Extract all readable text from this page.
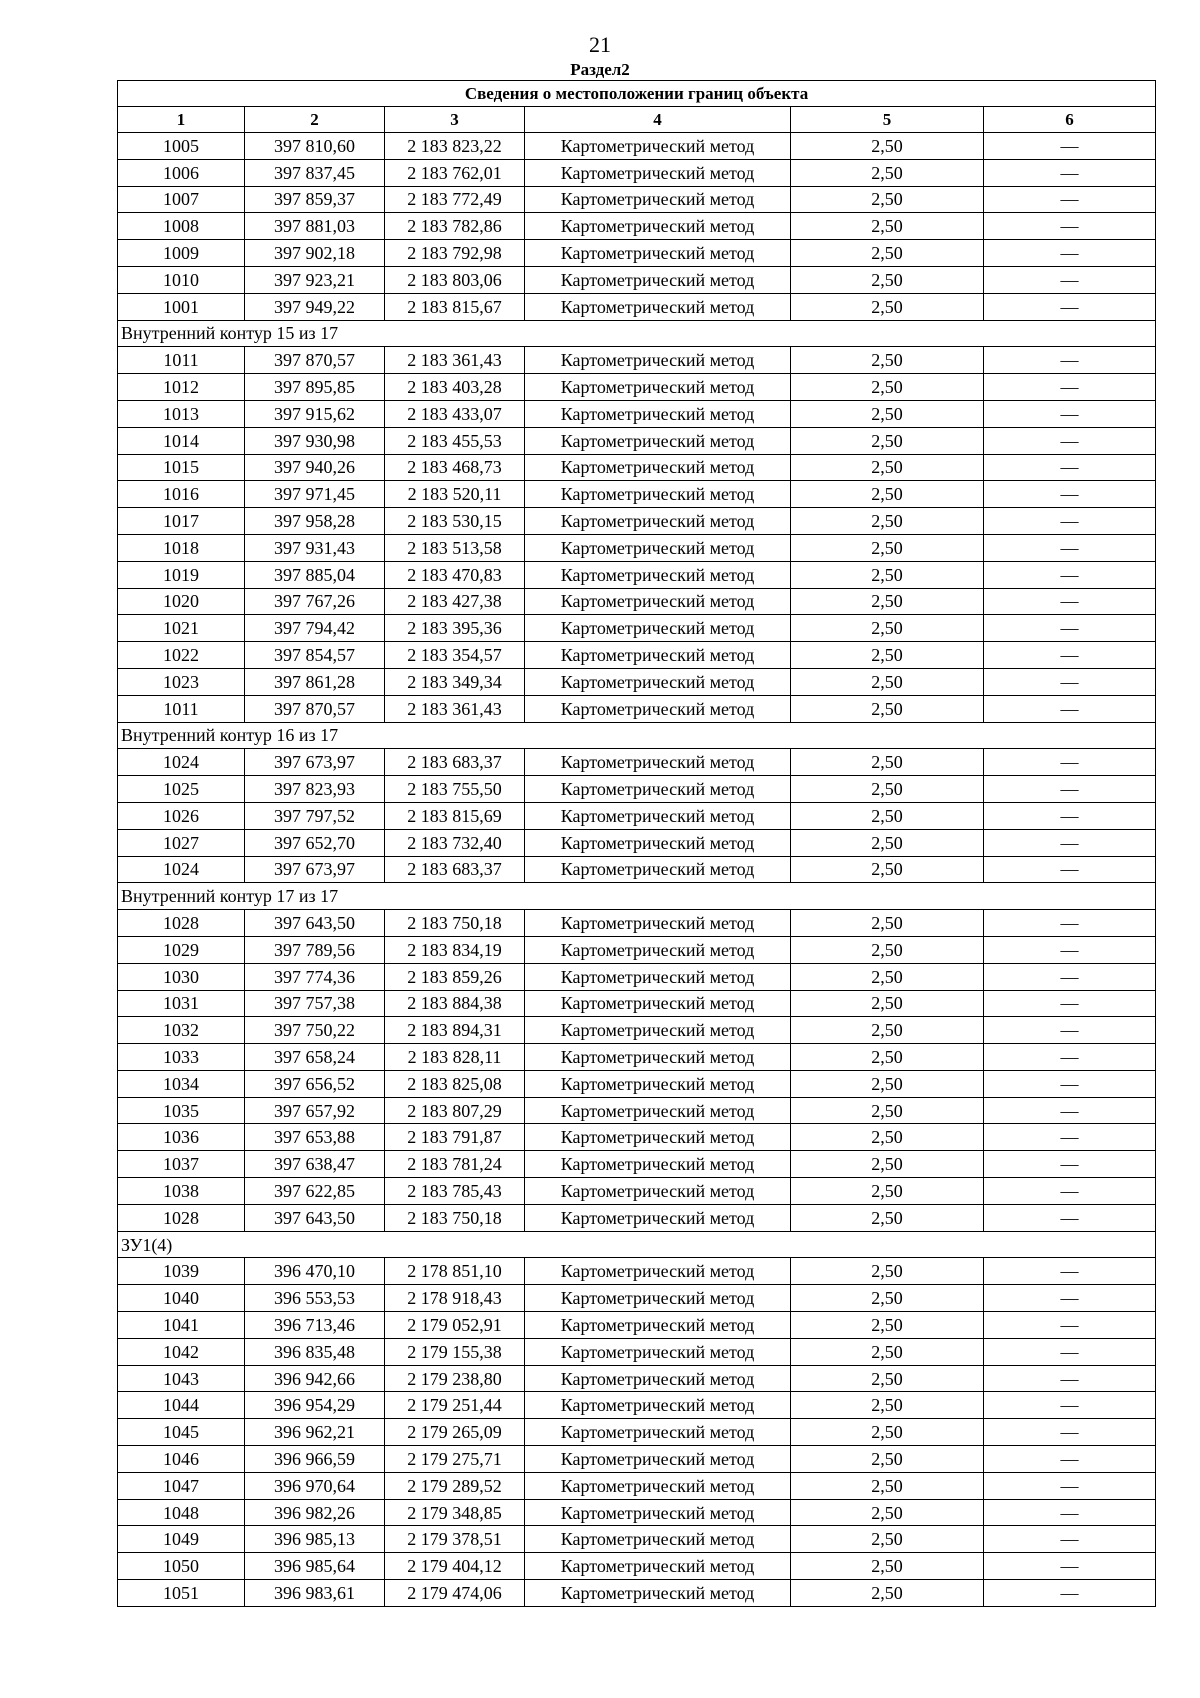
21
Раздел2
Сведения о местоположении границ объекта					
1	2	3	4	5	6
1005	397 810,60	2 183 823,22	Картометрический метод	2,50	—
1006	397 837,45	2 183 762,01	Картометрический метод	2,50	—
1007	397 859,37	2 183 772,49	Картометрический метод	2,50	—
1008	397 881,03	2 183 782,86	Картометрический метод	2,50	—
1009	397 902,18	2 183 792,98	Картометрический метод	2,50	—
1010	397 923,21	2 183 803,06	Картометрический метод	2,50	—
1001	397 949,22	2 183 815,67	Картометрический метод	2,50	—
Внутренний контур 15 из 17					
1011	397 870,57	2 183 361,43	Картометрический метод	2,50	—
1012	397 895,85	2 183 403,28	Картометрический метод	2,50	—
1013	397 915,62	2 183 433,07	Картометрический метод	2,50	—
1014	397 930,98	2 183 455,53	Картометрический метод	2,50	—
1015	397 940,26	2 183 468,73	Картометрический метод	2,50	—
1016	397 971,45	2 183 520,11	Картометрический метод	2,50	—
1017	397 958,28	2 183 530,15	Картометрический метод	2,50	—
1018	397 931,43	2 183 513,58	Картометрический метод	2,50	—
1019	397 885,04	2 183 470,83	Картометрический метод	2,50	—
1020	397 767,26	2 183 427,38	Картометрический метод	2,50	—
1021	397 794,42	2 183 395,36	Картометрический метод	2,50	—
1022	397 854,57	2 183 354,57	Картометрический метод	2,50	—
1023	397 861,28	2 183 349,34	Картометрический метод	2,50	—
1011	397 870,57	2 183 361,43	Картометрический метод	2,50	—
Внутренний контур 16 из 17					
1024	397 673,97	2 183 683,37	Картометрический метод	2,50	—
1025	397 823,93	2 183 755,50	Картометрический метод	2,50	—
1026	397 797,52	2 183 815,69	Картометрический метод	2,50	—
1027	397 652,70	2 183 732,40	Картометрический метод	2,50	—
1024	397 673,97	2 183 683,37	Картометрический метод	2,50	—
Внутренний контур 17 из 17					
1028	397 643,50	2 183 750,18	Картометрический метод	2,50	—
1029	397 789,56	2 183 834,19	Картометрический метод	2,50	—
1030	397 774,36	2 183 859,26	Картометрический метод	2,50	—
1031	397 757,38	2 183 884,38	Картометрический метод	2,50	—
1032	397 750,22	2 183 894,31	Картометрический метод	2,50	—
1033	397 658,24	2 183 828,11	Картометрический метод	2,50	—
1034	397 656,52	2 183 825,08	Картометрический метод	2,50	—
1035	397 657,92	2 183 807,29	Картометрический метод	2,50	—
1036	397 653,88	2 183 791,87	Картометрический метод	2,50	—
1037	397 638,47	2 183 781,24	Картометрический метод	2,50	—
1038	397 622,85	2 183 785,43	Картометрический метод	2,50	—
1028	397 643,50	2 183 750,18	Картометрический метод	2,50	—
ЗУ1(4)					
1039	396 470,10	2 178 851,10	Картометрический метод	2,50	—
1040	396 553,53	2 178 918,43	Картометрический метод	2,50	—
1041	396 713,46	2 179 052,91	Картометрический метод	2,50	—
1042	396 835,48	2 179 155,38	Картометрический метод	2,50	—
1043	396 942,66	2 179 238,80	Картометрический метод	2,50	—
1044	396 954,29	2 179 251,44	Картометрический метод	2,50	—
1045	396 962,21	2 179 265,09	Картометрический метод	2,50	—
1046	396 966,59	2 179 275,71	Картометрический метод	2,50	—
1047	396 970,64	2 179 289,52	Картометрический метод	2,50	—
1048	396 982,26	2 179 348,85	Картометрический метод	2,50	—
1049	396 985,13	2 179 378,51	Картометрический метод	2,50	—
1050	396 985,64	2 179 404,12	Картометрический метод	2,50	—
1051	396 983,61	2 179 474,06	Картометрический метод	2,50	—
